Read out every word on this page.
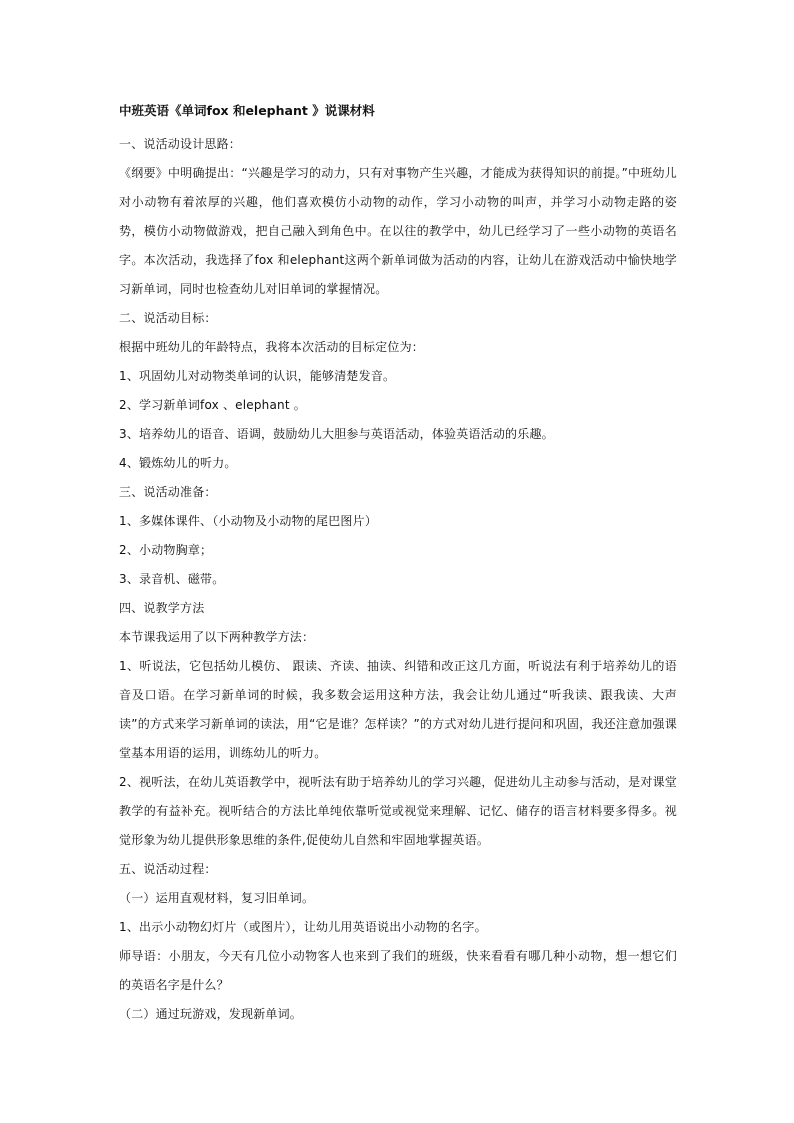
中班英语《单词fox 和elephant 》说课材料

一、说活动设计思路：

《纲要》中明确提出：“兴趣是学习的动力，只有对事物产生兴趣，才能成为获得知识的前提。”中班幼儿对小动物有着浓厚的兴趣，他们喜欢模仿小动物的动作，学习小动物的叫声，并学习小动物走路的姿势，模仿小动物做游戏，把自己融入到角色中。在以往的教学中，幼儿已经学习了一些小动物的英语名字。本次活动，我选择了fox 和elephant这两个新单词做为活动的内容，让幼儿在游戏活动中愉快地学习新单词，同时也检查幼儿对旧单词的掌握情况。

二、说活动目标：

根据中班幼儿的年龄特点，我将本次活动的目标定位为：

1、巩固幼儿对动物类单词的认识，能够清楚发音。

2、学习新单词fox 、elephant 。

3、培养幼儿的语音、语调，鼓励幼儿大胆参与英语活动，体验英语活动的乐趣。

4、锻炼幼儿的听力。

三、说活动准备：

1、多媒体课件、（小动物及小动物的尾巴图片）

2、小动物胸章；

3、录音机、磁带。

四、说教学方法

本节课我运用了以下两种教学方法：

1、听说法，它包括幼儿模仿、 跟读、齐读、抽读、纠错和改正这几方面，听说法有利于培养幼儿的语音及口语。在学习新单词的时候，我多数会运用这种方法，我会让幼儿通过“听我读、跟我读、大声读”的方式来学习新单词的读法，用“它是谁？怎样读？”的方式对幼儿进行提问和巩固，我还注意加强课堂基本用语的运用，训练幼儿的听力。

2、视听法，在幼儿英语教学中，视听法有助于培养幼儿的学习兴趣，促进幼儿主动参与活动，是对课堂教学的有益补充。视听结合的方法比单纯依靠听觉或视觉来理解、记忆、储存的语言材料要多得多。视觉形象为幼儿提供形象思维的条件,促使幼儿自然和牢固地掌握英语。

五、说活动过程：

（一）运用直观材料，复习旧单词。

1、出示小动物幻灯片（或图片），让幼儿用英语说出小动物的名字。

师导语：小朋友，今天有几位小动物客人也来到了我们的班级，快来看看有哪几种小动物，想一想它们的英语名字是什么？

（二）通过玩游戏，发现新单词。
